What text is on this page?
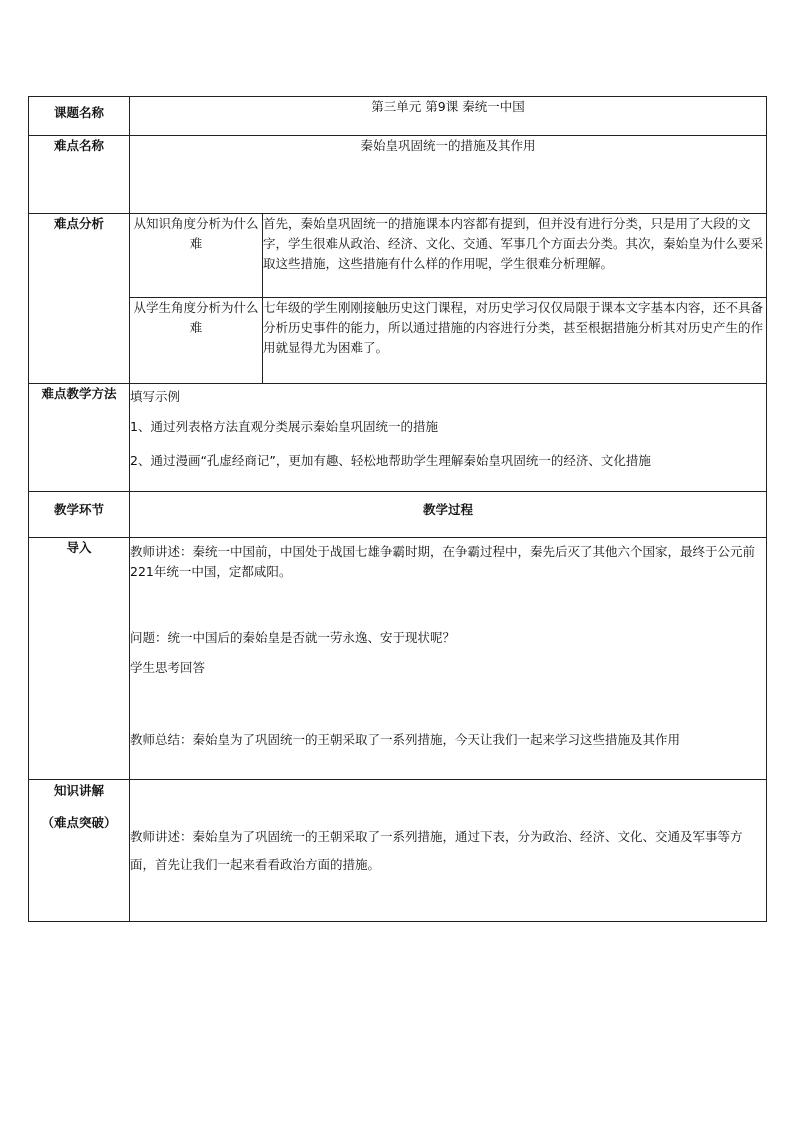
课题名称	第三单元 第9课 秦统一中国	
难点名称	秦始皇巩固统一的措施及其作用	
难点分析	从知识角度分析为什么难	首先，秦始皇巩固统一的措施课本内容都有提到，但并没有进行分类，只是用了大段的文字，学生很难从政治、经济、文化、交通、军事几个方面去分类。其次，秦始皇为什么要采取这些措施，这些措施有什么样的作用呢，学生很难分析理解。

	从学生角度分析为什么难	七年级的学生刚刚接触历史这门课程，对历史学习仅仅局限于课本文字基本内容，还不具备分析历史事件的能力，所以通过措施的内容进行分类，甚至根据措施分析其对历史产生的作用就显得尤为困难了。

难点教学方法	填写示例
1、通过列表格方法直观分类展示秦始皇巩固统一的措施
2、通过漫画“孔虚经商记”，更加有趣、轻松地帮助学生理解秦始皇巩固统一的经济、文化措施	

教学环节	教学过程	
导入	教师讲述：秦统一中国前，中国处于战国七雄争霸时期，在争霸过程中，秦先后灭了其他六个国家，最终于公元前221年统一中国，定都咸阳。
问题：统一中国后的秦始皇是否就一劳永逸、安于现状呢？
学生思考回答
教师总结：秦始皇为了巩固统一的王朝采取了一系列措施，今天让我们一起来学习这些措施及其作用	

知识讲解
（难点突破）	教师讲述：秦始皇为了巩固统一的王朝采取了一系列措施，通过下表，分为政治、经济、文化、交通及军事等方面，首先让我们一起来看看政治方面的措施。	
